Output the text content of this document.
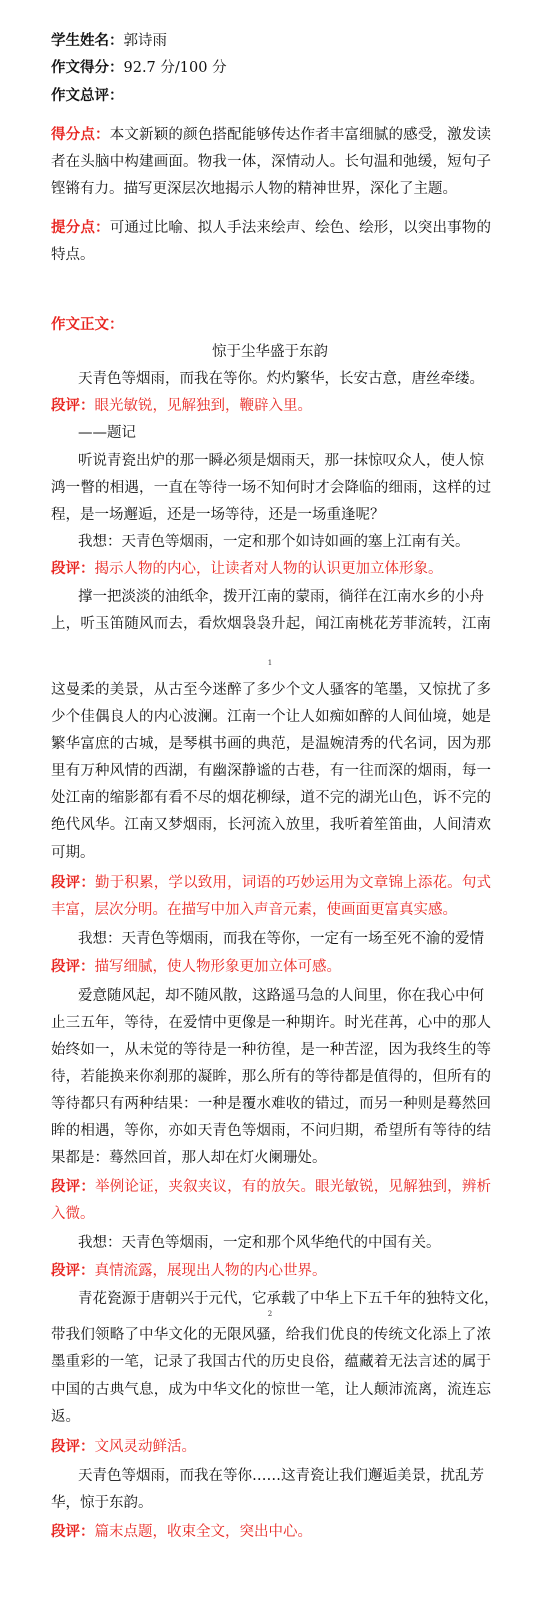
学生姓名：郭诗雨
作文得分：92.7 分/100 分
作文总评：
得分点：本文新颖的颜色搭配能够传达作者丰富细腻的感受，激发读
者在头脑中构建画面。物我一体，深情动人。长句温和弛缓，短句子
铿锵有力。描写更深层次地揭示人物的精神世界，深化了主题。
提分点：可通过比喻、拟人手法来绘声、绘色、绘形，以突出事物的
特点。
作文正文：
惊于尘华盛于东韵
天青色等烟雨，而我在等你。灼灼繁华，长安古意，唐丝牵缕。
段评：眼光敏锐，见解独到，鞭辟入里。
——题记
听说青瓷出炉的那一瞬必须是烟雨天，那一抹惊叹众人，使人惊
鸿一瞥的相遇，一直在等待一场不知何时才会降临的细雨，这样的过
程，是一场邂逅，还是一场等待，还是一场重逢呢？
我想：天青色等烟雨，一定和那个如诗如画的塞上江南有关。
段评：揭示人物的内心，让读者对人物的认识更加立体形象。
撑一把淡淡的油纸伞，拨开江南的蒙雨，徜徉在江南水乡的小舟
上，听玉笛随风而去，看炊烟袅袅升起，闻江南桃花芳菲流转，江南
1
这曼柔的美景，从古至今迷醉了多少个文人骚客的笔墨，又惊扰了多
少个佳偶良人的内心波澜。江南一个让人如痴如醉的人间仙境，她是
繁华富庶的古城，是琴棋书画的典范，是温婉清秀的代名词，因为那
里有万种风情的西湖，有幽深静谧的古巷，有一往而深的烟雨，每一
处江南的缩影都有看不尽的烟花柳绿，道不完的湖光山色，诉不完的
绝代风华。江南又梦烟雨，长河流入放里，我听着笙笛曲，人间清欢
可期。
段评：勤于积累，学以致用，词语的巧妙运用为文章锦上添花。句式
丰富，层次分明。在描写中加入声音元素，使画面更富真实感。
我想：天青色等烟雨，而我在等你，一定有一场至死不渝的爱情
段评：描写细腻，使人物形象更加立体可感。
爱意随风起，却不随风散，这路遥马急的人间里，你在我心中何
止三五年，等待，在爱情中更像是一种期许。时光荏苒，心中的那人
始终如一，从未觉的等待是一种彷徨，是一种苦涩，因为我终生的等
待，若能换来你刹那的凝眸，那么所有的等待都是值得的，但所有的
等待都只有两种结果：一种是覆水难收的错过，而另一种则是蓦然回
眸的相遇，等你，亦如天青色等烟雨，不问归期，希望所有等待的结
果都是：蓦然回首，那人却在灯火阑珊处。
段评：举例论证，夹叙夹议，有的放矢。眼光敏锐，见解独到，辨析
入微。
我想：天青色等烟雨，一定和那个风华绝代的中国有关。
段评：真情流露，展现出人物的内心世界。
青花瓷源于唐朝兴于元代，它承载了中华上下五千年的独特文化，
2
带我们领略了中华文化的无限风骚，给我们优良的传统文化添上了浓
墨重彩的一笔，记录了我国古代的历史良俗，蕴藏着无法言述的属于
中国的古典气息，成为中华文化的惊世一笔，让人颠沛流离，流连忘
返。
段评：文风灵动鲜活。
天青色等烟雨，而我在等你……这青瓷让我们邂逅美景，扰乱芳
华，惊于东韵。
段评：篇末点题，收束全文，突出中心。
